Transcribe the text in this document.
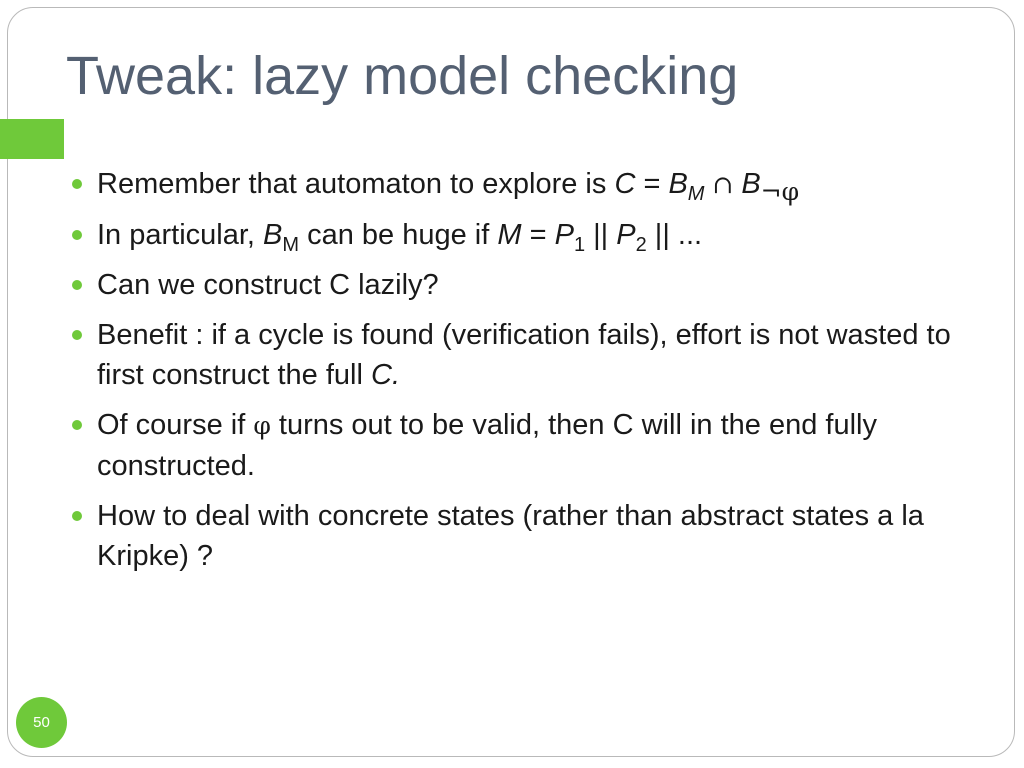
Tweak: lazy model checking
Remember that automaton to explore is $C = B_M$ ∩ $B_{\neg\varphi}$
In particular, $B_M$ can be huge if $M = P_1$ || $P_2$ || ...
Can we construct C lazily?
Benefit : if a cycle is found (verification fails), effort is not wasted to first construct the full C.
Of course if φ turns out to be valid, then C will in the end fully constructed.
How to deal with concrete states (rather than abstract states a la Kripke) ?
50
